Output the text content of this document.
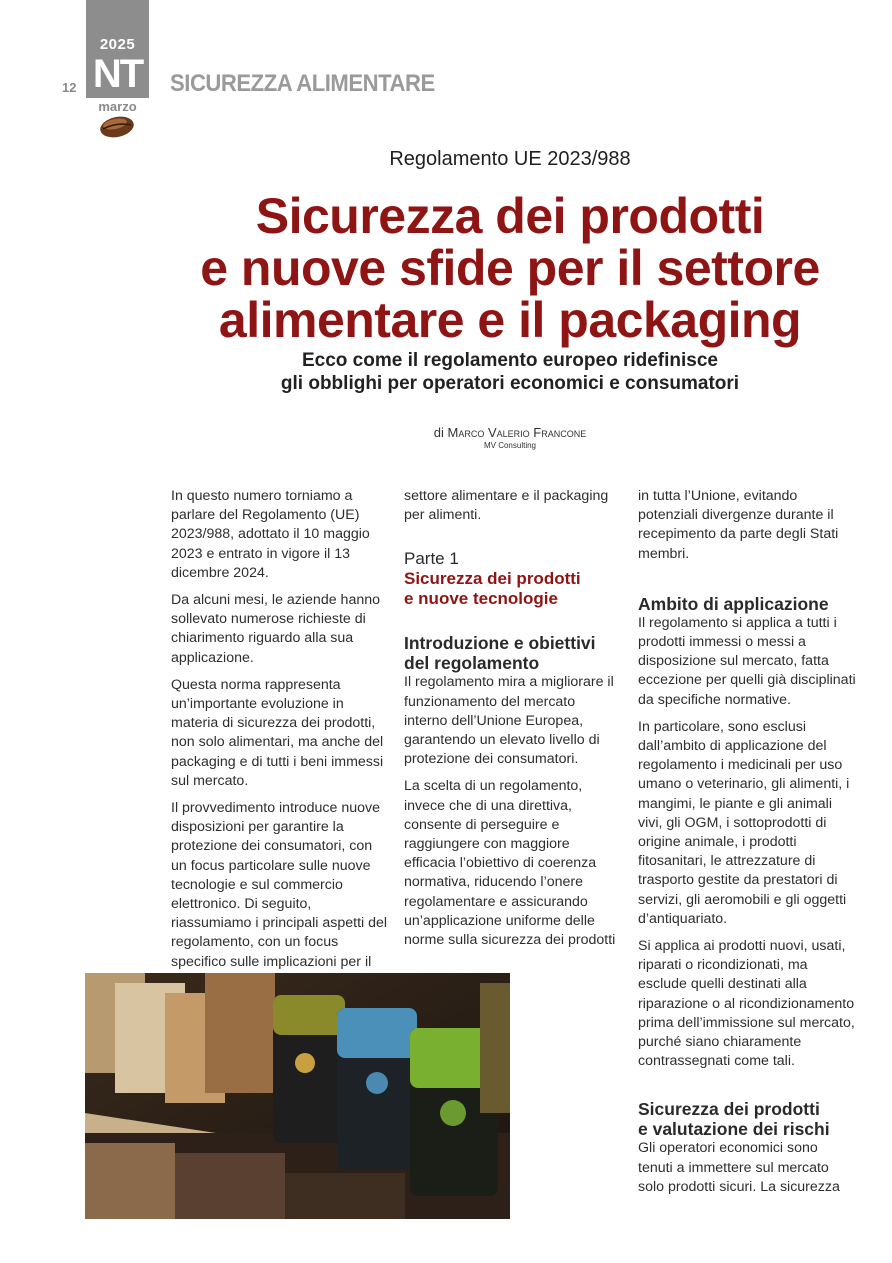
2025
NT
marzo
12	SICUREZZA ALIMENTARE
Regolamento UE 2023/988
Sicurezza dei prodotti
e nuove sfide per il settore
alimentare e il packaging
Ecco come il regolamento europeo ridefinisce
gli obblighi per operatori economici e consumatori
di Marco Valerio Francone
MV Consulting

In questo numero torniamo a parlare del Regolamento (UE) 2023/988, adottato il 10 maggio 2023 e entrato in vigore il 13 dicembre 2024.

Da alcuni mesi, le aziende hanno sollevato numerose richieste di chiarimento riguardo alla sua applicazione.

Questa norma rappresenta un’importante evoluzione in materia di sicurezza dei prodotti, non solo alimentari, ma anche del packaging e di tutti i beni immessi sul mercato.

Il provvedimento introduce nuove disposizioni per garantire la protezione dei consumatori, con un focus particolare sulle nuove tecnologie e sul commercio elettronico. Di seguito, riassumiamo i principali aspetti del regolamento, con un focus specifico sulle implicazioni per il

settore alimentare e il packaging per alimenti.

Parte 1
Sicurezza dei prodotti
e nuove tecnologie
Introduzione e obiettivi
del regolamento

Il regolamento mira a migliorare il funzionamento del mercato interno dell’Unione Europea, garantendo un elevato livello di protezione dei consumatori.

La scelta di un regolamento, invece che di una direttiva, consente di perseguire e raggiungere con maggiore efficacia l’obiettivo di coerenza normativa, riducendo l’onere regolamentare e assicurando un’applicazione uniforme delle norme sulla sicurezza dei prodotti

in tutta l’Unione, evitando potenziali divergenze durante il recepimento da parte degli Stati membri.

Ambito di applicazione

Il regolamento si applica a tutti i prodotti immessi o messi a disposizione sul mercato, fatta eccezione per quelli già disciplinati da specifiche normative.

In particolare, sono esclusi dall’ambito di applicazione del regolamento i medicinali per uso umano o veterinario, gli alimenti, i mangimi, le piante e gli animali vivi, gli OGM, i sottoprodotti di origine animale, i prodotti fitosanitari, le attrezzature di trasporto gestite da prestatori di servizi, gli aeromobili e gli oggetti d’antiquariato.

Si applica ai prodotti nuovi, usati, riparati o ricondizionati, ma esclude quelli destinati alla riparazione o al ricondizionamento prima dell’immissione sul mercato, purché siano chiaramente contrassegnati come tali.

Sicurezza dei prodotti
e valutazione dei rischi

Gli operatori economici sono tenuti a immettere sul mercato solo prodotti sicuri. La sicurezza
